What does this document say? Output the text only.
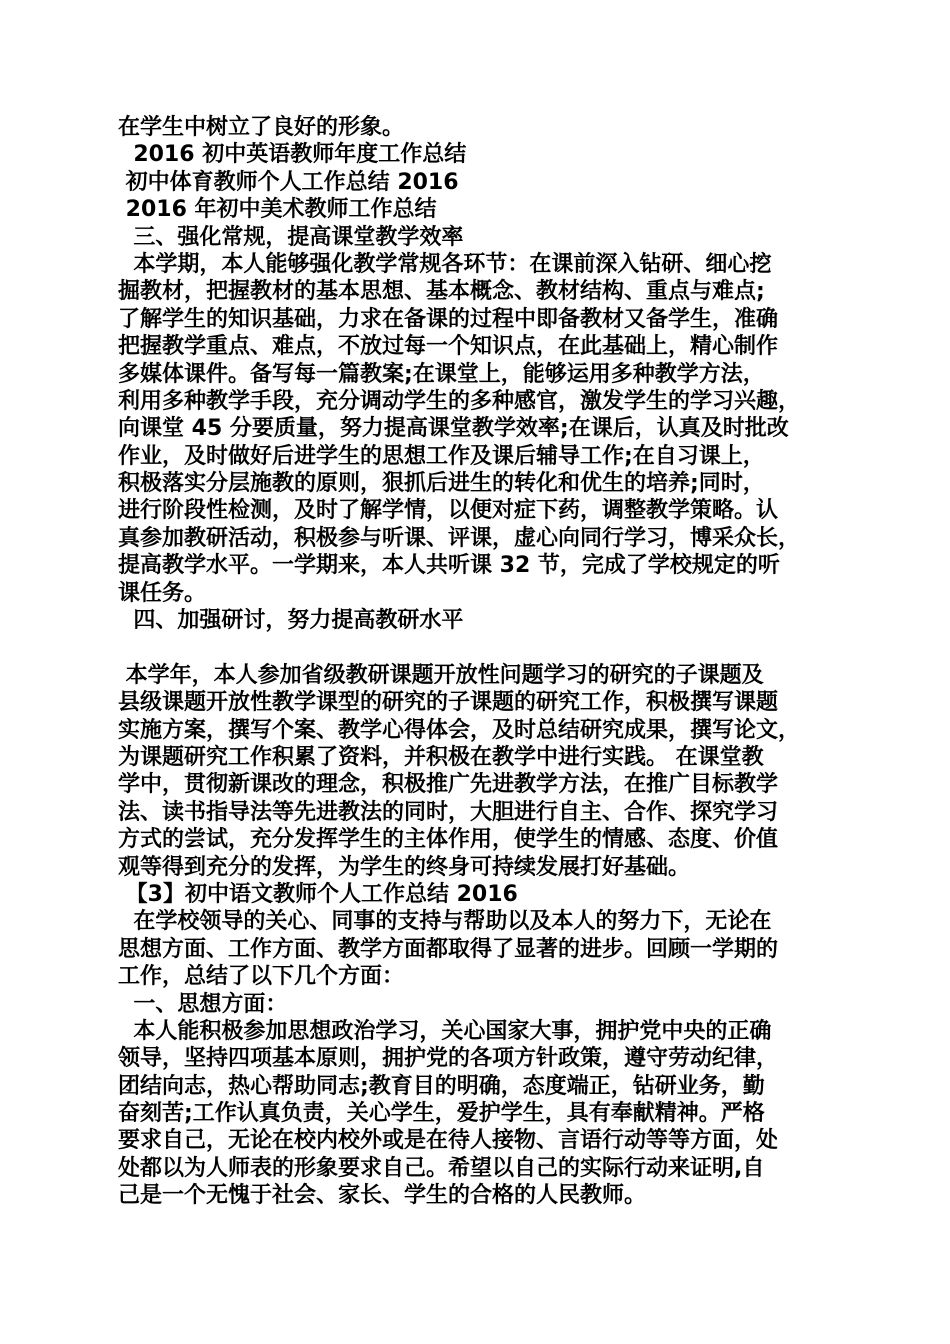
在学生中树立了良好的形象。
2016 初中英语教师年度工作总结
初中体育教师个人工作总结 2016
2016 年初中美术教师工作总结
三、强化常规，提高课堂教学效率
本学期，本人能够强化教学常规各环节：在课前深入钻研、细心挖
掘教材，把握教材的基本思想、基本概念、教材结构、重点与难点;
了解学生的知识基础，力求在备课的过程中即备教材又备学生，准确
把握教学重点、难点，不放过每一个知识点，在此基础上，精心制作
多媒体课件。备写每一篇教案;在课堂上，能够运用多种教学方法，
利用多种教学手段，充分调动学生的多种感官，激发学生的学习兴趣，
向课堂 45 分要质量，努力提高课堂教学效率;在课后，认真及时批改
作业，及时做好后进学生的思想工作及课后辅导工作;在自习课上，
积极落实分层施教的原则，狠抓后进生的转化和优生的培养;同时，
进行阶段性检测，及时了解学情，以便对症下药，调整教学策略。认
真参加教研活动，积极参与听课、评课，虚心向同行学习，博采众长，
提高教学水平。一学期来，本人共听课 32 节，完成了学校规定的听
课任务。
四、加强研讨，努力提高教研水平
本学年，本人参加省级教研课题开放性问题学习的研究的子课题及
县级课题开放性教学课型的研究的子课题的研究工作，积极撰写课题
实施方案，撰写个案、教学心得体会，及时总结研究成果，撰写论文，
为课题研究工作积累了资料，并积极在教学中进行实践。 在课堂教
学中，贯彻新课改的理念，积极推广先进教学方法，在推广目标教学
法、读书指导法等先进教法的同时，大胆进行自主、合作、探究学习
方式的尝试，充分发挥学生的主体作用，使学生的情感、态度、价值
观等得到充分的发挥，为学生的终身可持续发展打好基础。
【3】初中语文教师个人工作总结 2016
在学校领导的关心、同事的支持与帮助以及本人的努力下，无论在
思想方面、工作方面、教学方面都取得了显著的进步。回顾一学期的
工作，总结了以下几个方面：
一、思想方面：
本人能积极参加思想政治学习，关心国家大事，拥护党中央的正确
领导，坚持四项基本原则，拥护党的各项方针政策，遵守劳动纪律，
团结向志，热心帮助同志;教育目的明确，态度端正，钻研业务，勤
奋刻苦;工作认真负责，关心学生，爱护学生，具有奉献精神。严格
要求自己，无论在校内校外或是在待人接物、言语行动等等方面，处
处都以为人师表的形象要求自己。希望以自己的实际行动来证明,自
己是一个无愧于社会、家长、学生的合格的人民教师。
